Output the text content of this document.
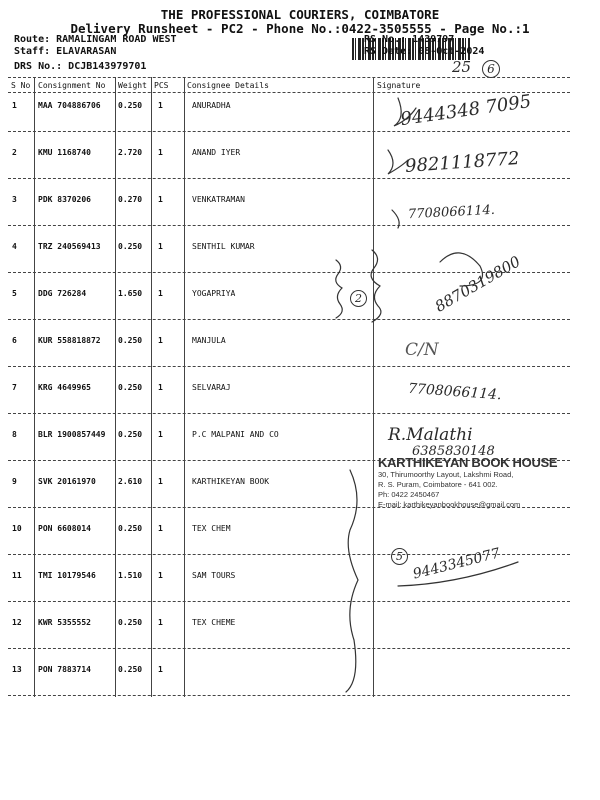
THE PROFESSIONAL COURIERS, COIMBATORE
Delivery Runsheet - PC2 - Phone No.:0422-3505555 - Page No.:1
Route: RAMALINGAM ROAD WEST
Staff: ELAVARASAN
DRS No.: DCJB143979701
RS No.: 1439797
RS Date: 08-Oct-2024
25	6
S No Consignment No Weight PCS Consignee Details	Signature
1	MAA 704886706 0.250 1	ANURADHA
2	KMU 1168740	2.720 1	ANAND IYER
3	PDK 8370206	0.270 1	VENKATRAMAN
4	TRZ 240569413 0.250 1	SENTHIL KUMAR
5	DDG 726284	1.650 1	YOGAPRIYA
6	KUR 558818872 0.250 1	MANJULA
7	KRG 4649965	0.250 1	SELVARAJ
8	BLR 1900857449 0.250 1	P.C MALPANI AND CO
9	SVK 20161970	2.610 1	KARTHIKEYAN BOOK
10 PON 6608014	0.250 1	TEX CHEM
11 TMI 10179546	1.510 1	SAM TOURS
12 KWR 5355552	0.250 1	TEX CHEME
13 PON 7883714	0.250 1
9444348 7095
9821118772
7708066114.
8870319800
C/N
7708066114.
R.Malathi
6385830148
9443345077
2
5
KARTHIKEYAN BOOK HOUSE
30, Thirumoorthy Layout, Lakshmi Road,
R. S. Puram, Coimbatore - 641 002.
Ph: 0422 2450467
E-mail: karthikeyanbookhouse@gmail.com
